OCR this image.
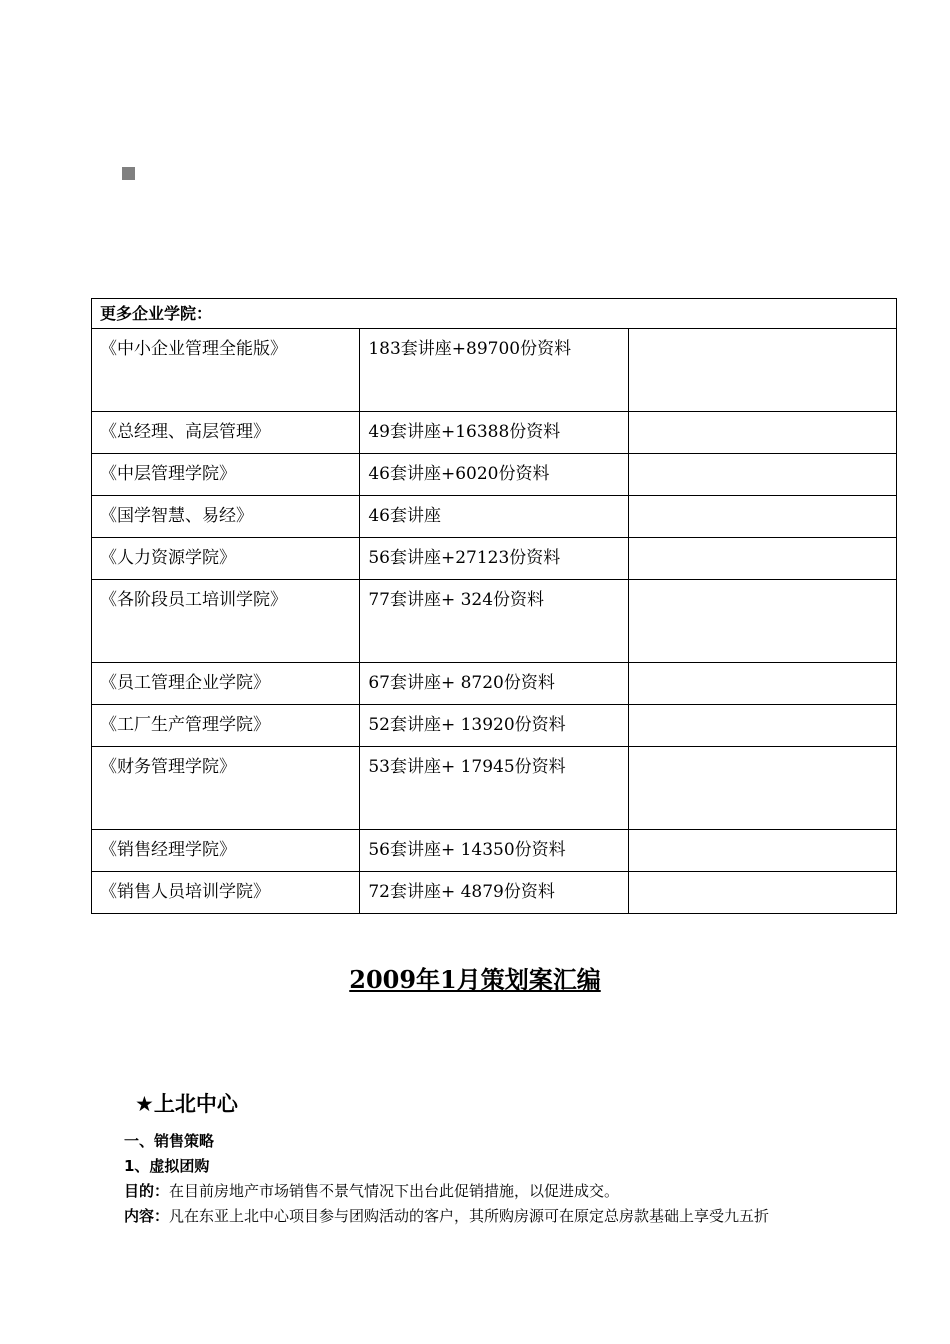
更多企业学院：		
《中小企业管理全能版》	183套讲座+89700份资料	
《总经理、高层管理》	49套讲座+16388份资料	
《中层管理学院》	46套讲座+6020份资料	
《国学智慧、易经》	46套讲座	
《人力资源学院》	56套讲座+27123份资料	
《各阶段员工培训学院》	77套讲座+ 324份资料	
《员工管理企业学院》	67套讲座+ 8720份资料	
《工厂生产管理学院》	52套讲座+ 13920份资料	
《财务管理学院》	53套讲座+ 17945份资料	
《销售经理学院》	56套讲座+ 14350份资料	
《销售人员培训学院》	72套讲座+ 4879份资料	
2009年1月策划案汇编
★上北中心
一、销售策略
1、虚拟团购
目的：在目前房地产市场销售不景气情况下出台此促销措施，以促进成交。
内容：凡在东亚上北中心项目参与团购活动的客户，其所购房源可在原定总房款基础上享受九五折
